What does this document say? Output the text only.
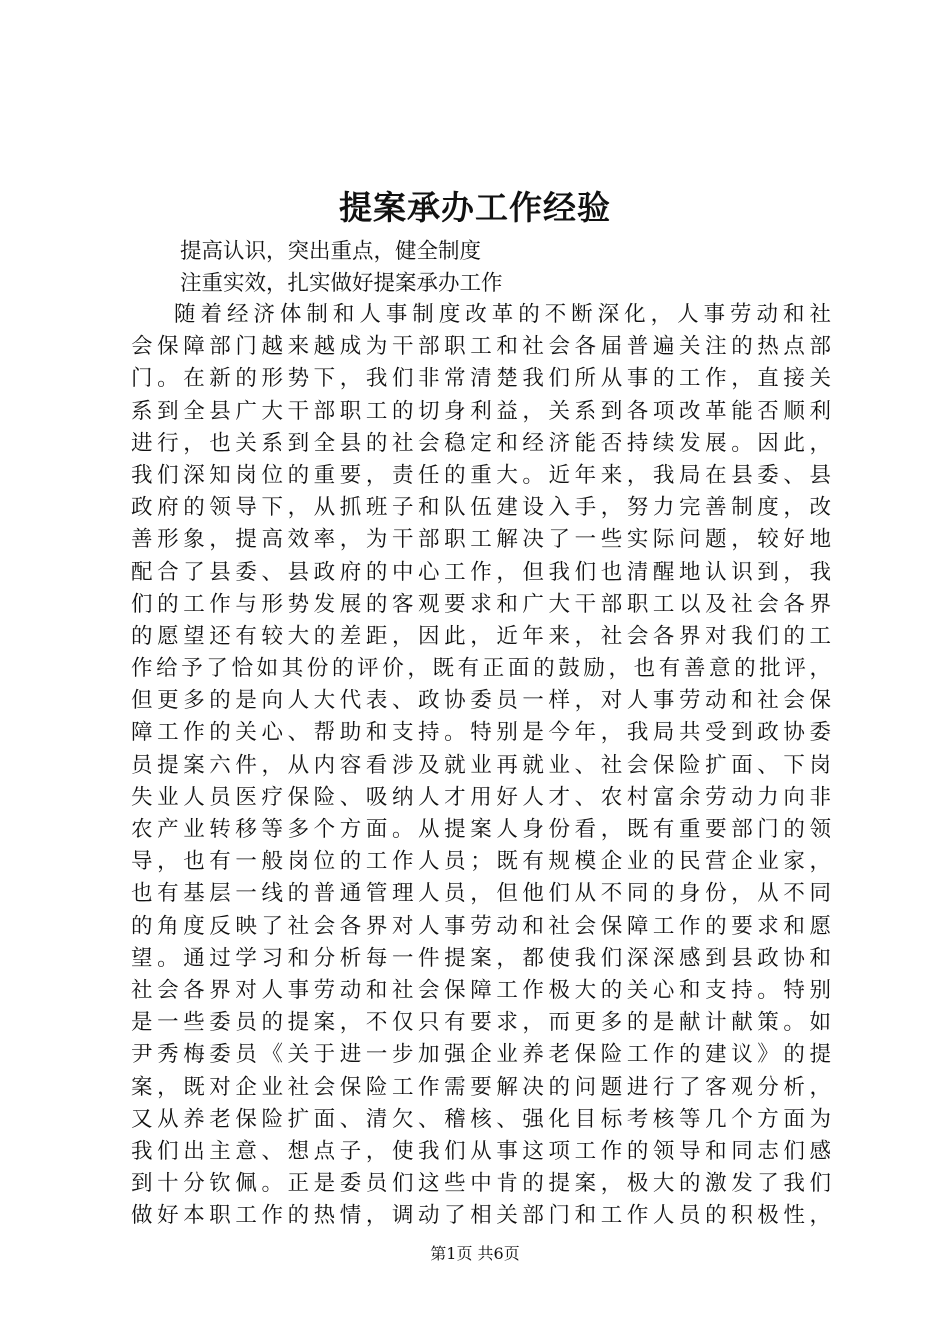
提案承办工作经验

提高认识，突出重点，健全制度

注重实效，扎实做好提案承办工作

随着经济体制和人事制度改革的不断深化，人事劳动和社
会保障部门越来越成为干部职工和社会各届普遍关注的热点部
门。在新的形势下，我们非常清楚我们所从事的工作，直接关
系到全县广大干部职工的切身利益，关系到各项改革能否顺利
进行，也关系到全县的社会稳定和经济能否持续发展。因此，
我们深知岗位的重要，责任的重大。近年来，我局在县委、县
政府的领导下，从抓班子和队伍建设入手，努力完善制度，改
善形象，提高效率，为干部职工解决了一些实际问题，较好地
配合了县委、县政府的中心工作，但我们也清醒地认识到，我
们的工作与形势发展的客观要求和广大干部职工以及社会各界
的愿望还有较大的差距，因此，近年来，社会各界对我们的工
作给予了恰如其份的评价，既有正面的鼓励，也有善意的批评，
但更多的是向人大代表、政协委员一样，对人事劳动和社会保
障工作的关心、帮助和支持。特别是今年，我局共受到政协委
员提案六件，从内容看涉及就业再就业、社会保险扩面、下岗
失业人员医疗保险、吸纳人才用好人才、农村富余劳动力向非
农产业转移等多个方面。从提案人身份看，既有重要部门的领
导，也有一般岗位的工作人员；既有规模企业的民营企业家，
也有基层一线的普通管理人员，但他们从不同的身份，从不同
的角度反映了社会各界对人事劳动和社会保障工作的要求和愿
望。通过学习和分析每一件提案，都使我们深深感到县政协和
社会各界对人事劳动和社会保障工作极大的关心和支持。特别
是一些委员的提案，不仅只有要求，而更多的是献计献策。如
尹秀梅委员《关于进一步加强企业养老保险工作的建议》的提
案，既对企业社会保险工作需要解决的问题进行了客观分析，
又从养老保险扩面、清欠、稽核、强化目标考核等几个方面为
我们出主意、想点子，使我们从事这项工作的领导和同志们感
到十分钦佩。正是委员们这些中肯的提案，极大的激发了我们
做好本职工作的热情，调动了相关部门和工作人员的积极性，

第1页 共6页
